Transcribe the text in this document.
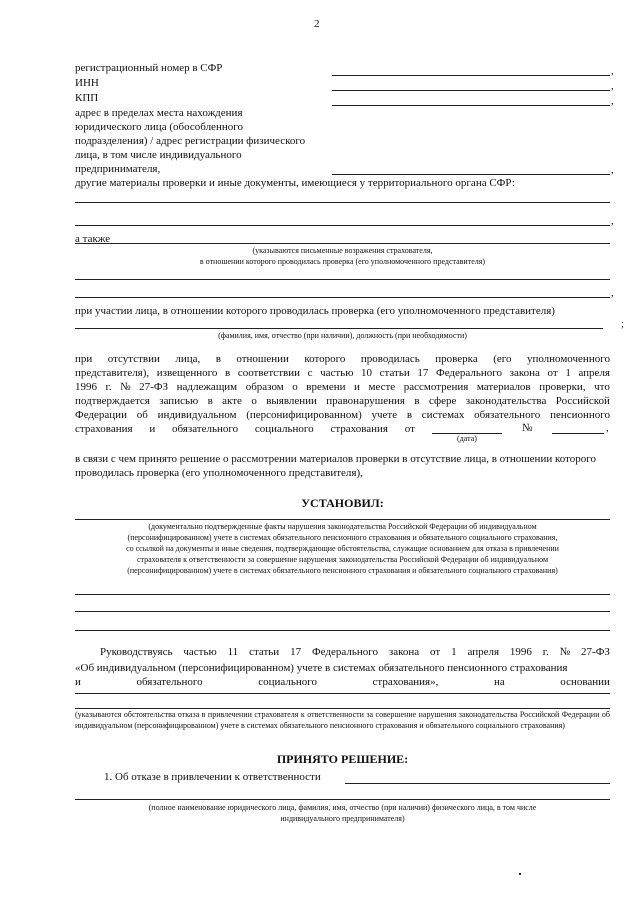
2
регистрационный номер в СФР	,
ИНН	,
КПП	,
адрес в пределах места нахождения
юридического лица (обособленного
подразделения) / адрес регистрации физического
лица, в том числе индивидуального
предпринимателя,	,
другие материалы проверки и иные документы, имеющиеся у территориального органа СФР:
,
а также
(указываются письменные возражения страхователя,
в отношении которого проводилась проверка (его уполномоченного представителя)
,
при участии лица, в отношении которого проводилась проверка (его уполномоченного представителя)
;
(фамилия, имя, отчество (при наличии), должность (при необходимости)
при отсутствии лица, в отношении которого проводилась проверка (его уполномоченного
представителя), извещенного в соответствии с частью 10 статьи 17 Федерального закона от 1 апреля
1996 г. № 27-ФЗ надлежащим образом о времени и месте рассмотрения материалов проверки, что
подтверждается записью в акте о выявлении правонарушения в сфере законодательства Российской
Федерации об индивидуальном (персонифицированном) учете в системах обязательного пенсионного
страхования и обязательного социального страхования от	№	,
(дата)
в связи с чем принято решение о рассмотрении материалов проверки в отсутствие лица, в отношении которого проводилась проверка (его уполномоченного представителя),
УСТАНОВИЛ:
(документально подтвержденные факты нарушения законодательства Российской Федерации об индивидуальном
(персонифицированном) учете в системах обязательного пенсионного страхования и обязательного социального страхования,
со ссылкой на документы и иные сведения, подтверждающие обстоятельства, служащие основанием для отказа в привлечении
страхователя к ответственности за совершение нарушения законодательства Российской Федерации об индивидуальном
(персонифицированном) учете в системах обязательного пенсионного страхования и обязательного социального страхования)
Руководствуясь частью 11 статьи 17 Федерального закона от 1 апреля 1996 г. № 27-ФЗ
«Об индивидуальном (персонифицированном) учете в системах обязательного пенсионного страхования
и	обязательного	социального	страхования»,	на	основании
(указываются обстоятельства отказа в привлечении страхователя к ответственности за совершение нарушения законодательства Российской Федерации об индивидуальном (персонифицированном) учете в системах обязательного пенсионного страхования и обязательного социального страхования)
ПРИНЯТО РЕШЕНИЕ:
1. Об отказе в привлечении к ответственности
(полное наименование юридического лица, фамилия, имя, отчество (при наличии) физического лица, в том числе
индивидуального предпринимателя)
